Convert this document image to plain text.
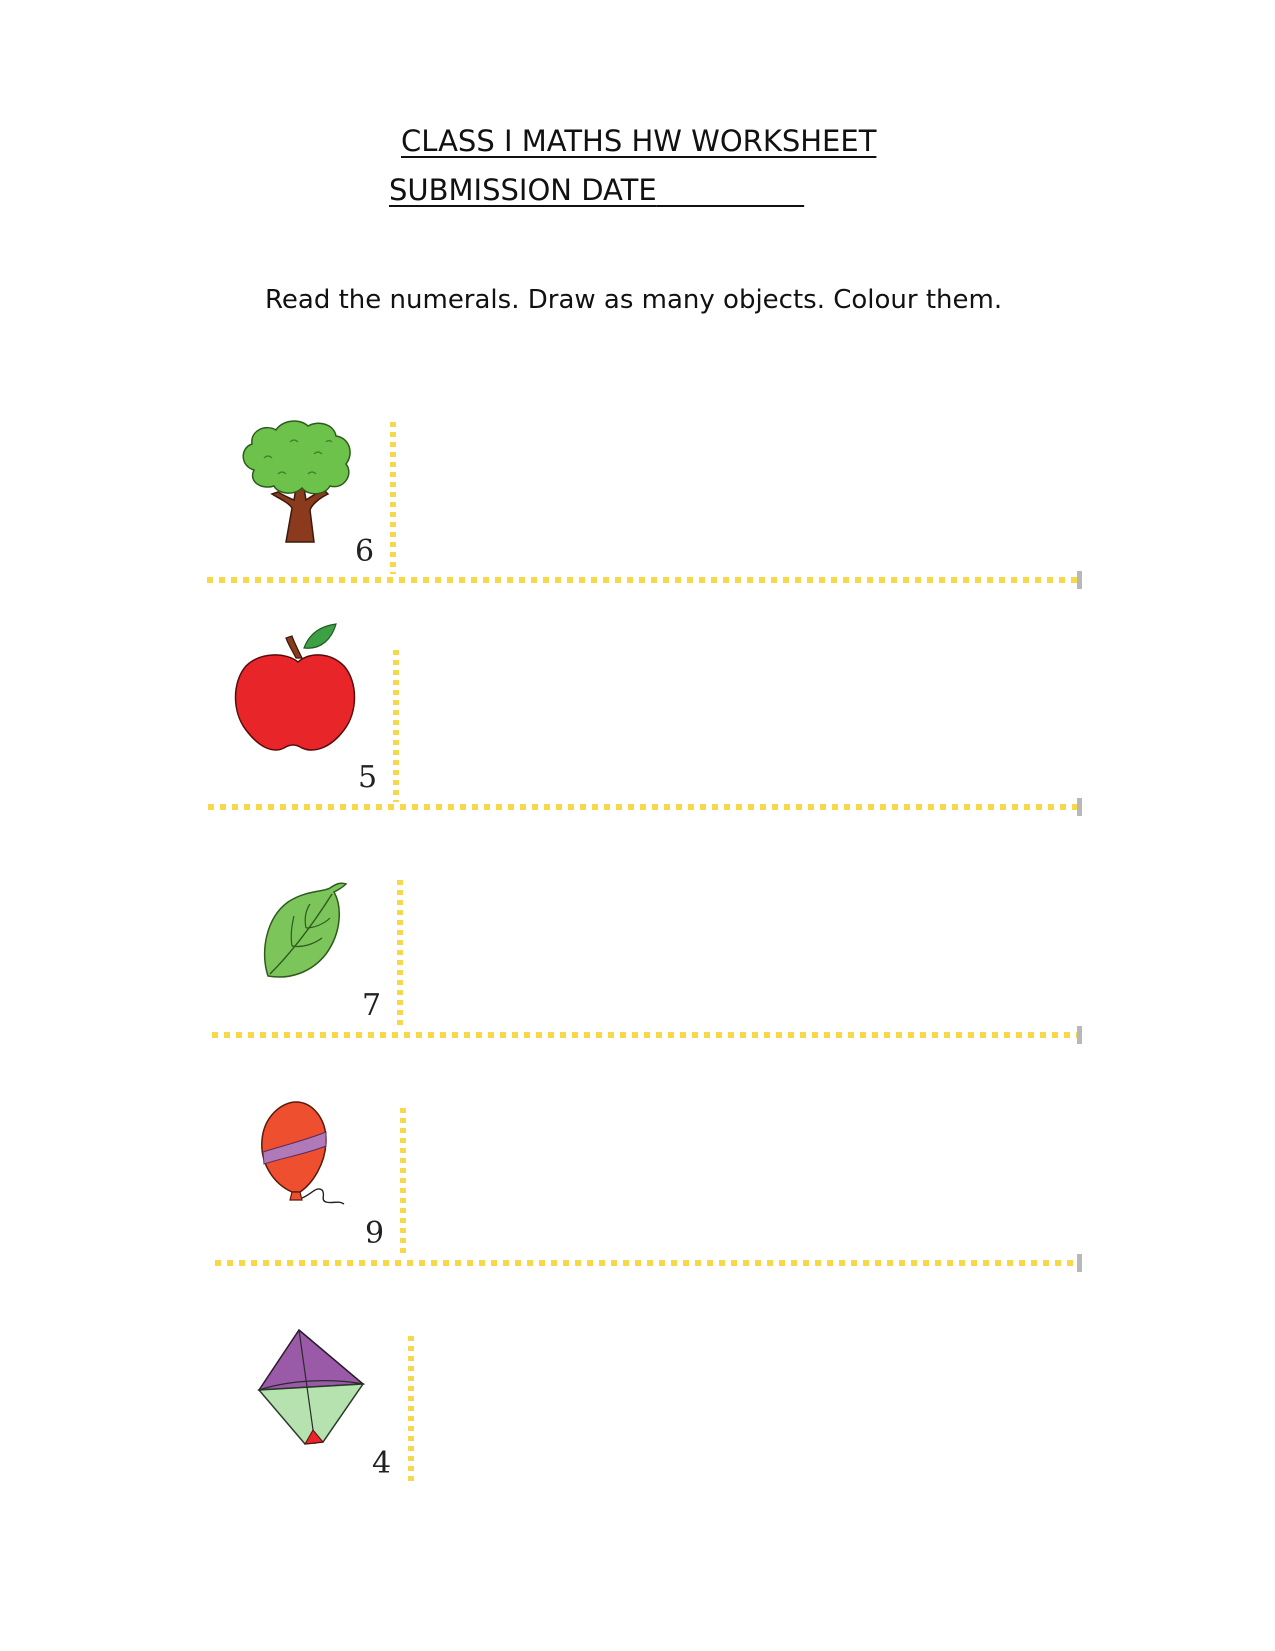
CLASS I MATHS HW WORKSHEET
SUBMISSION DATE

Read the numerals. Draw as many objects. Colour them.

6
5
7
9
4
